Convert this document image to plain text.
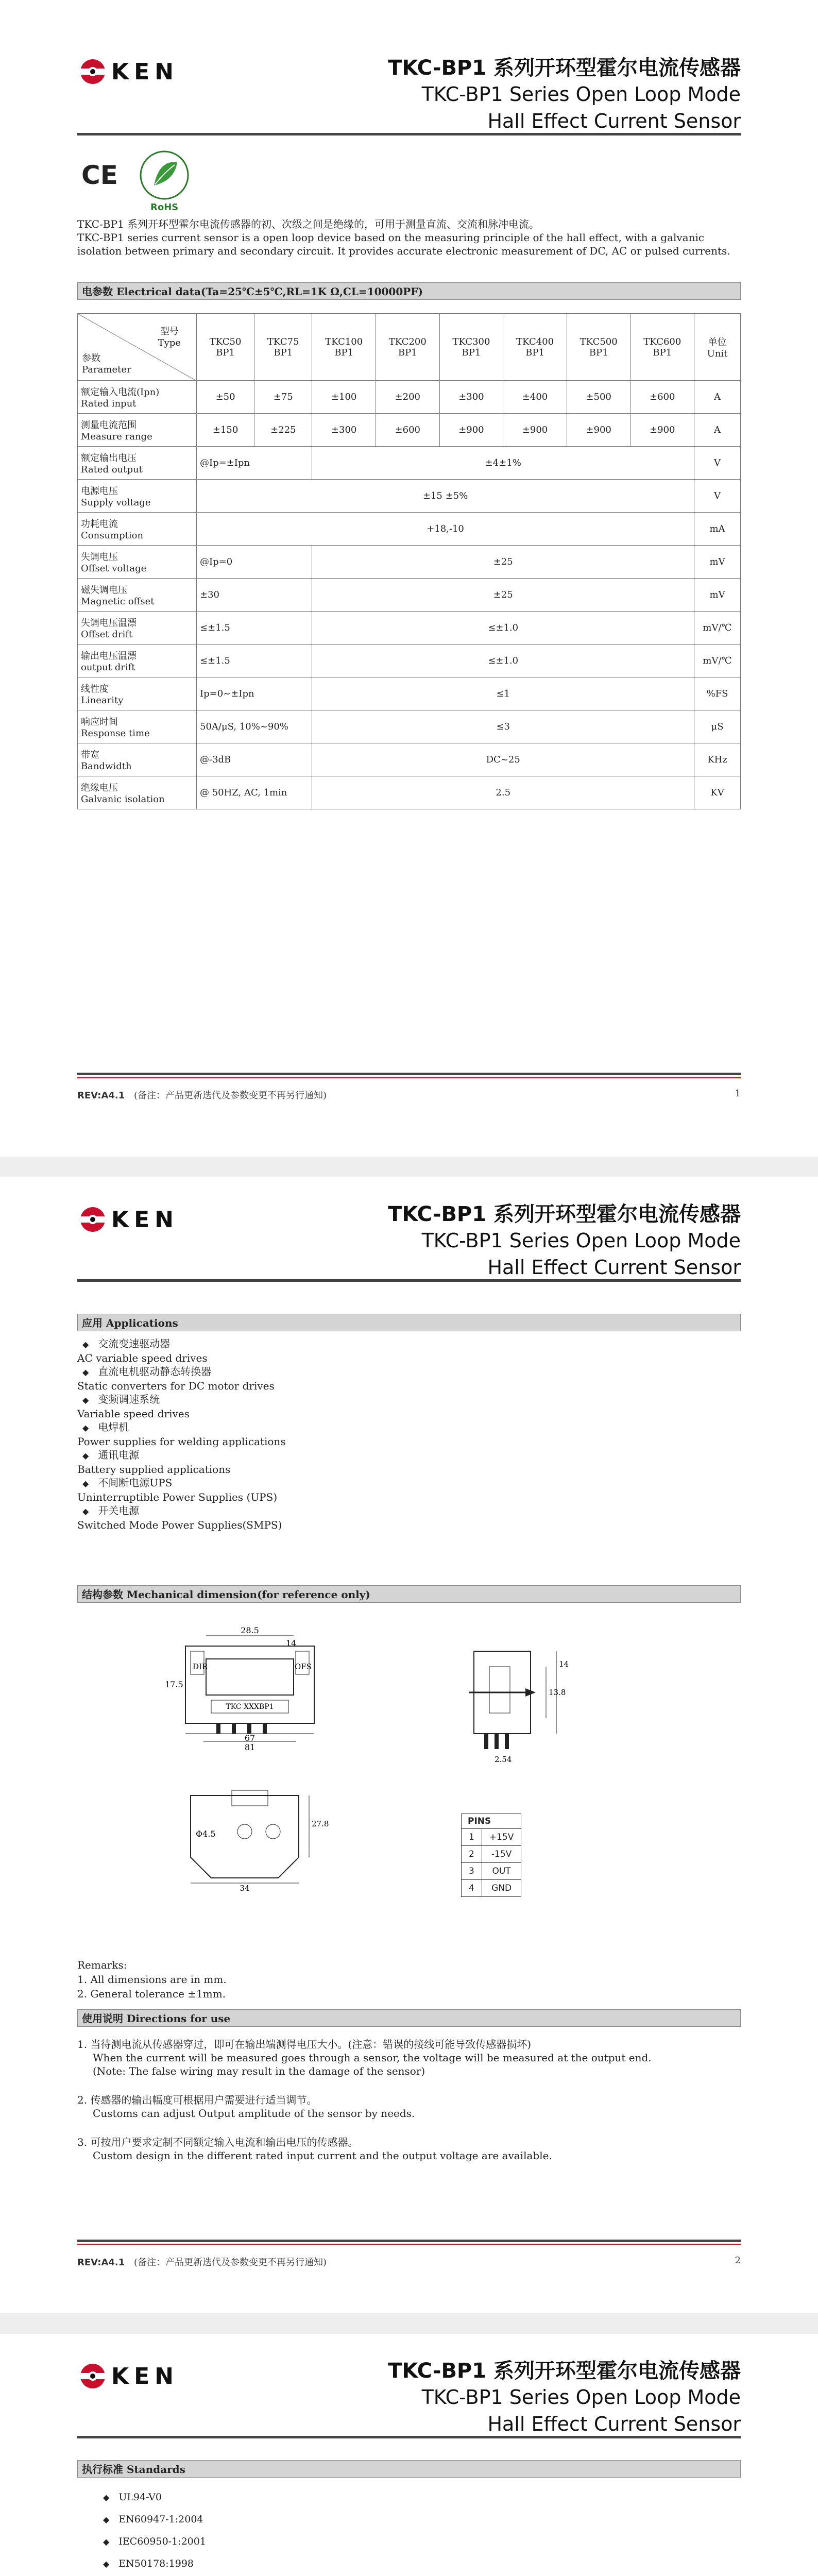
KEN	TKC-BP1 系列开环型霍尔电流传感器
TKC-BP1 Series Open Loop Mode
Hall Effect Current Sensor
CE
RoHS
TKC-BP1 系列开环型霍尔电流传感器的初、次级之间是绝缘的，可用于测量直流、交流和脉冲电流。
TKC-BP1 series current sensor is a open loop device based on the measuring principle of the hall effect, with a galvanic isolation between primary and secondary circuit. It provides accurate electronic measurement of DC, AC or pulsed currents.
电参数 Electrical data(Ta=25℃±5℃,RL=1K Ω,CL=10000PF)
型号
Type
参数
Parameter	TKC50 BP1	TKC75 BP1	TKC100 BP1	TKC200 BP1	TKC300 BP1	TKC400 BP1	TKC500 BP1	TKC600 BP1	单位 Unit

额定输入电流(Ipn)
Rated input	±50	±75	±100	±200	±300	±400	±500	±600	A

测量电流范围
Measure range	±150	±225	±300	±600	±900	±900	±900	±900	A

额定输出电压
Rated output	@Ip=±Ipn		±4±1%						V

电源电压
Supply voltage	±15 ±5%								V

功耗电流
Consumption	+18,-10								mA

失调电压
Offset voltage	@Ip=0		±25						mV

磁失调电压
Magnetic offset	±30		±25						mV

失调电压温漂
Offset drift	≤±1.5		≤±1.0						mV/℃

输出电压温漂
output drift	≤±1.5		≤±1.0						mV/℃

线性度
Linearity	Ip=0~±Ipn		≤1						%FS

响应时间
Response time	50A/μS, 10%~90%		≤3						μS

带宽
Bandwidth	@-3dB		DC~25						KHz

绝缘电压
Galvanic isolation	@ 50HZ, AC, 1min		2.5						KV
REV:A4.1 (备注：产品更新迭代及参数变更不再另行通知)	1
KEN	TKC-BP1 系列开环型霍尔电流传感器
TKC-BP1 Series Open Loop Mode
Hall Effect Current Sensor
应用 Applications
◆ 交流变速驱动器
AC variable speed drives
◆ 直流电机驱动静态转换器
Static converters for DC motor drives
◆ 变频调速系统
Variable speed drives
◆ 电焊机
Power supplies for welding applications
◆ 通讯电源
Battery supplied applications
◆ 不间断电源UPS
Uninterruptible Power Supplies (UPS)
◆ 开关电源
Switched Mode Power Supplies(SMPS)
结构参数 Mechanical dimension(for reference only)
28.5
14
67
81
DIR	OFS
TKC XXXBP1
17.5
13.8
14
2.54
Φ4.5
27.8
34
PINS	
1	+15V
2	-15V
3	OUT
4	GND
Remarks:
1. All dimensions are in mm.
2. General tolerance ±1mm.
使用说明 Directions for use
1. 当待测电流从传感器穿过，即可在输出端测得电压大小。(注意：错误的接线可能导致传感器损坏)
When the current will be measured goes through a sensor, the voltage will be measured at the output end.
(Note: The false wiring may result in the damage of the sensor)
2. 传感器的输出幅度可根据用户需要进行适当调节。
Customs can adjust Output amplitude of the sensor by needs.
3. 可按用户要求定制不同额定输入电流和输出电压的传感器。
Custom design in the different rated input current and the output voltage are available.
REV:A4.1 (备注：产品更新迭代及参数变更不再另行通知)	2
KEN	TKC-BP1 系列开环型霍尔电流传感器
TKC-BP1 Series Open Loop Mode
Hall Effect Current Sensor
执行标准 Standards
◆ UL94-V0
◆ EN60947-1:2004
◆ IEC60950-1:2001
◆ EN50178:1998
◆
